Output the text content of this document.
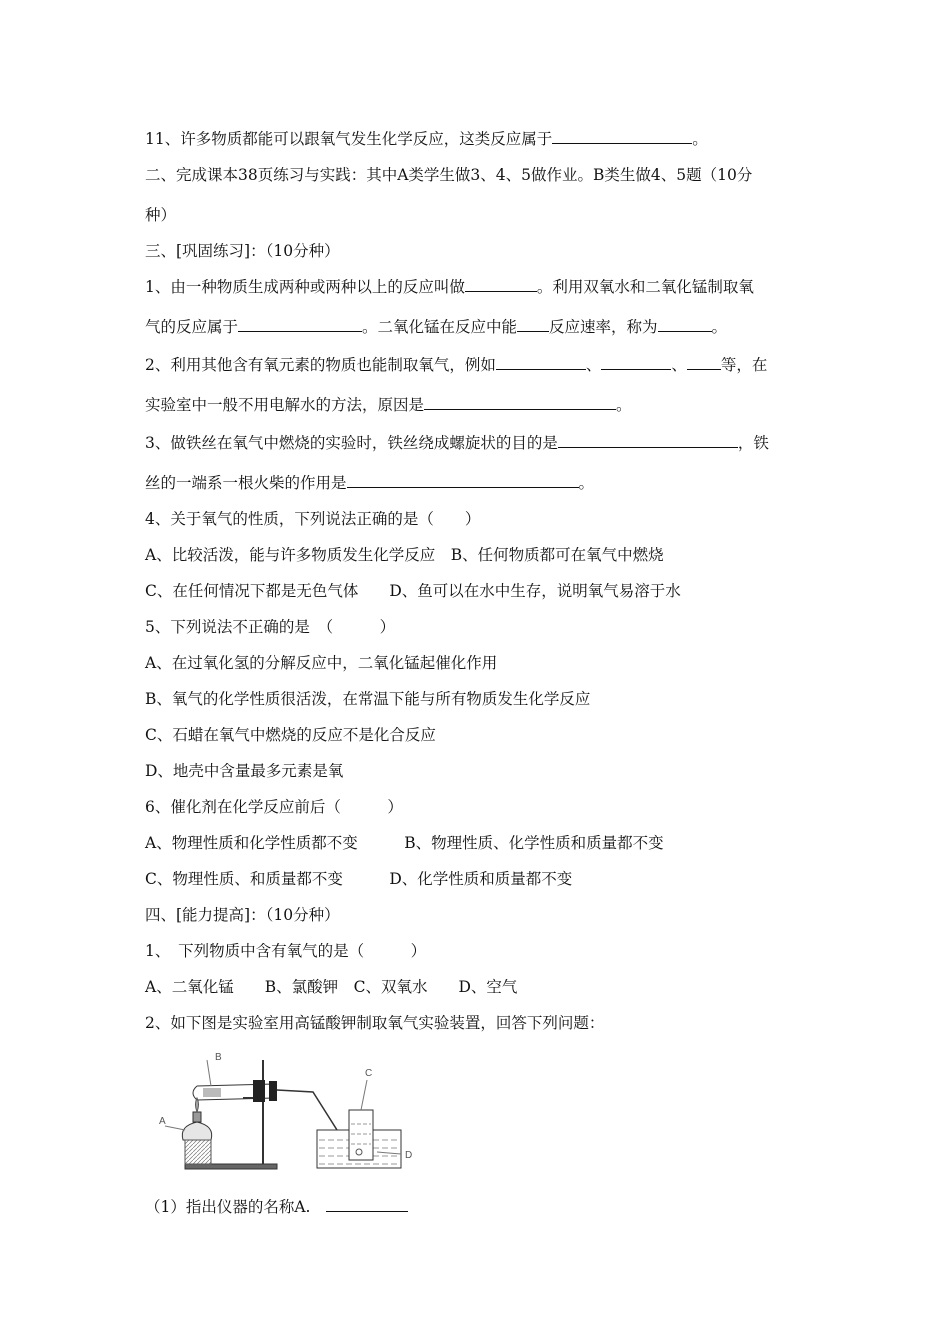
11、许多物质都能可以跟氧气发生化学反应，这类反应属于	。
二、完成课本38页练习与实践：其中A类学生做3、4、5做作业。B类生做4、5题（10分
种）
三、[巩固练习]：（10分种）
1、由一种物质生成两种或两种以上的反应叫做	。利用双氧水和二氧化锰制取氧
气的反应属于	。二氧化锰在反应中能 反应速率，称为	。
2、利用其他含有氧元素的物质也能制取氧气，例如	、	、 等，在
实验室中一般不用电解水的方法，原因是	。
3、做铁丝在氧气中燃烧的实验时，铁丝绕成螺旋状的目的是	，铁
丝的一端系一根火柴的作用是	。
4、关于氧气的性质，下列说法正确的是（　　）
A、比较活泼，能与许多物质发生化学反应　B、任何物质都可在氧气中燃烧
C、在任何情况下都是无色气体　　D、鱼可以在水中生存，说明氧气易溶于水
5、下列说法不正确的是　（　　　）
A、在过氧化氢的分解反应中，二氧化锰起催化作用
B、氧气的化学性质很活泼，在常温下能与所有物质发生化学反应
C、石蜡在氧气中燃烧的反应不是化合反应
D、地壳中含量最多元素是氧
6、催化剂在化学反应前后（　　　）
A、物理性质和化学性质都不变　　　B、物理性质、化学性质和质量都不变
C、物理性质、和质量都不变　　　D、化学性质和质量都不变
四、[能力提高]：（10分种）
1、　下列物质中含有氧气的是（　　　）
A、二氧化锰　　B、氯酸钾　C、双氧水　　D、空气
2、如下图是实验室用高锰酸钾制取氧气实验装置，回答下列问题：
B
A
C
D
（1）指出仪器的名称A.　
